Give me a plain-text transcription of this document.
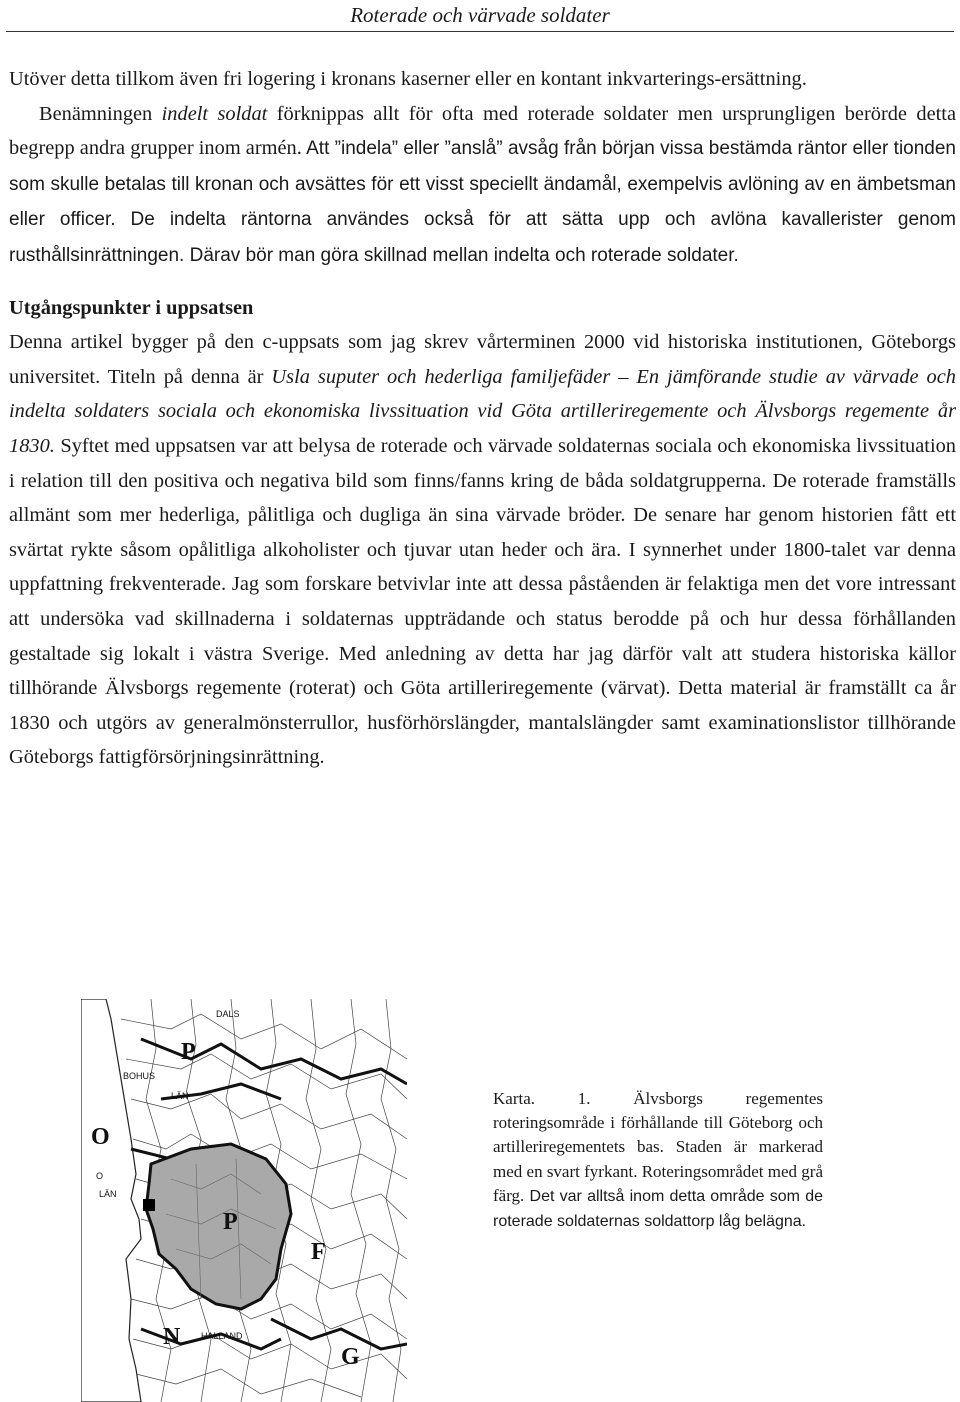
Roterade och värvade soldater

Utöver detta tillkom även fri logering i kronans kaserner eller en kontant inkvarterings-ersättning.

Benämningen indelt soldat förknippas allt för ofta med roterade soldater men ursprungligen berörde detta begrepp andra grupper inom armén. Att ”indela” eller ”anslå” avsåg från början vissa bestämda räntor eller tionden som skulle betalas till kronan och avsättes för ett visst speciellt ändamål, exempelvis avlöning av en ämbetsman eller officer. De indelta räntorna användes också för att sätta upp och avlöna kavallerister genom rusthållsinrättningen. Därav bör man göra skillnad mellan indelta och roterade soldater.

Utgångspunkter i uppsatsen

Denna artikel bygger på den c-uppsats som jag skrev vårterminen 2000 vid historiska institutionen, Göteborgs universitet. Titeln på denna är Usla suputer och hederliga familjefäder – En jämförande studie av värvade och indelta soldaters sociala och ekonomiska livssituation vid Göta artilleriregemente och Älvsborgs regemente år 1830. Syftet med uppsatsen var att belysa de roterade och värvade soldaternas sociala och ekonomiska livssituation i relation till den positiva och negativa bild som finns/fanns kring de båda soldatgrupperna. De roterade framställs allmänt som mer hederliga, pålitliga och dugliga än sina värvade bröder. De senare har genom historien fått ett svärtat rykte såsom opålitliga alkoholister och tjuvar utan heder och ära. I synnerhet under 1800-talet var denna uppfattning frekventerade. Jag som forskare betvivlar inte att dessa påståenden är felaktiga men det vore intressant att undersöka vad skillnaderna i soldaternas uppträdande och status berodde på och hur dessa förhållanden gestaltade sig lokalt i västra Sverige. Med anledning av detta har jag därför valt att studera historiska källor tillhörande Älvsborgs regemente (roterat) och Göta artilleriregemente (värvat). Detta material är framställt ca år 1830 och utgörs av generalmönsterrullor, husförhörslängder, mantalslängder samt examinationslistor tillhörande Göteborgs fattigförsörjningsinrättning.

P
O
P
F
N
G
DALS
BOHUS
LÄN
O
LÄN
HALLAND

Karta. 1. Älvsborgs regementes roteringsområde i förhållande till Göteborg och artilleriregementets bas. Staden är markerad med en svart fyrkant. Roteringsområdet med grå färg. Det var alltså inom detta område som de roterade soldaternas soldattorp låg belägna.
